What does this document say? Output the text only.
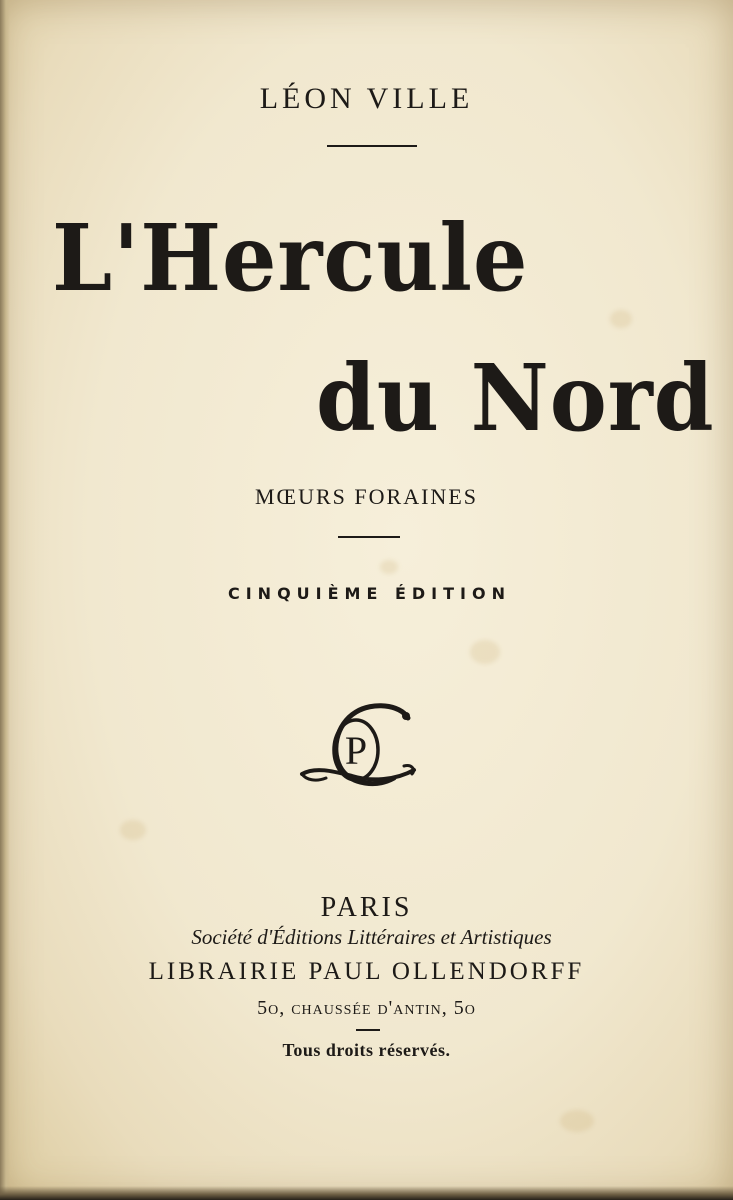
LÉON VILLE
L'Hercule
du Nord
MŒURS FORAINES
CINQUIÈME ÉDITION
P
PARIS
Société d'Éditions Littéraires et Artistiques
LIBRAIRIE PAUL OLLENDORFF
5o, chaussée d'antin, 5o
Tous droits réservés.
